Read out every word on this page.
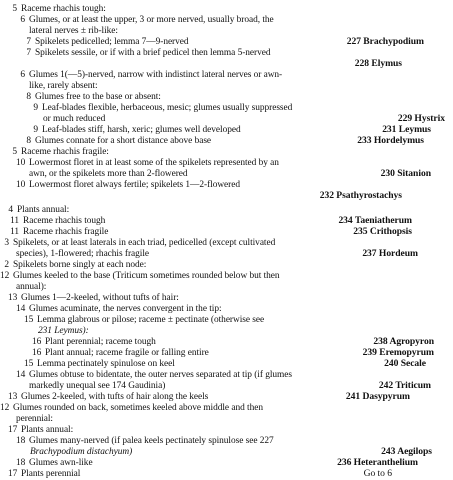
5 Raceme rhachis tough:
6 Glumes, or at least the upper, 3 or more nerved, usually broad, the
lateral nerves ± rib-like:
7 Spikelets pedicelled; lemma 7—9-nerved	227 Brachypodium
7 Spikelets sessile, or if with a brief pedicel then lemma 5-nerved
228 Elymus
6 Glumes 1(—5)-nerved, narrow with indistinct lateral nerves or awn-
like, rarely absent:
8 Glumes free to the base or absent:
9 Leaf-blades flexible, herbaceous, mesic; glumes usually suppressed
or much reduced	229 Hystrix
9 Leaf-blades stiff, harsh, xeric; glumes well developed	231 Leymus
8 Glumes connate for a short distance above base	233 Hordelymus
5 Raceme rhachis fragile:
10 Lowermost floret in at least some of the spikelets represented by an
awn, or the spikelets more than 2-flowered	230 Sitanion
10 Lowermost floret always fertile; spikelets 1—2-flowered
232 Psathyrostachys
4 Plants annual:
11 Raceme rhachis tough	234 Taeniatherum
11 Raceme rhachis fragile	235 Crithopsis
3 Spikelets, or at least laterals in each triad, pedicelled (except cultivated
species), 1-flowered; rhachis fragile	237 Hordeum
2 Spikelets borne singly at each node:
12 Glumes keeled to the base (Triticum sometimes rounded below but then
annual):
13 Glumes 1—2-keeled, without tufts of hair:
14 Glumes acuminate, the nerves convergent in the tip:
15 Lemma glabrous or pilose; raceme ± pectinate (otherwise see
231 Leymus):
16 Plant perennial; raceme tough	238 Agropyron
16 Plant annual; raceme fragile or falling entire	239 Eremopyrum
15 Lemma pectinately spinulose on keel	240 Secale
14 Glumes obtuse to bidentate, the outer nerves separated at tip (if glumes
markedly unequal see 174 Gaudinia)	242 Triticum
13 Glumes 2-keeled, with tufts of hair along the keels	241 Dasypyrum
12 Glumes rounded on back, sometimes keeled above middle and then
perennial:
17 Plants annual:
18 Glumes many-nerved (if palea keels pectinately spinulose see 227
Brachypodium distachyum)	243 Aegilops
18 Glumes awn-like	236 Heteranthelium
17 Plants perennial	Go to 6
